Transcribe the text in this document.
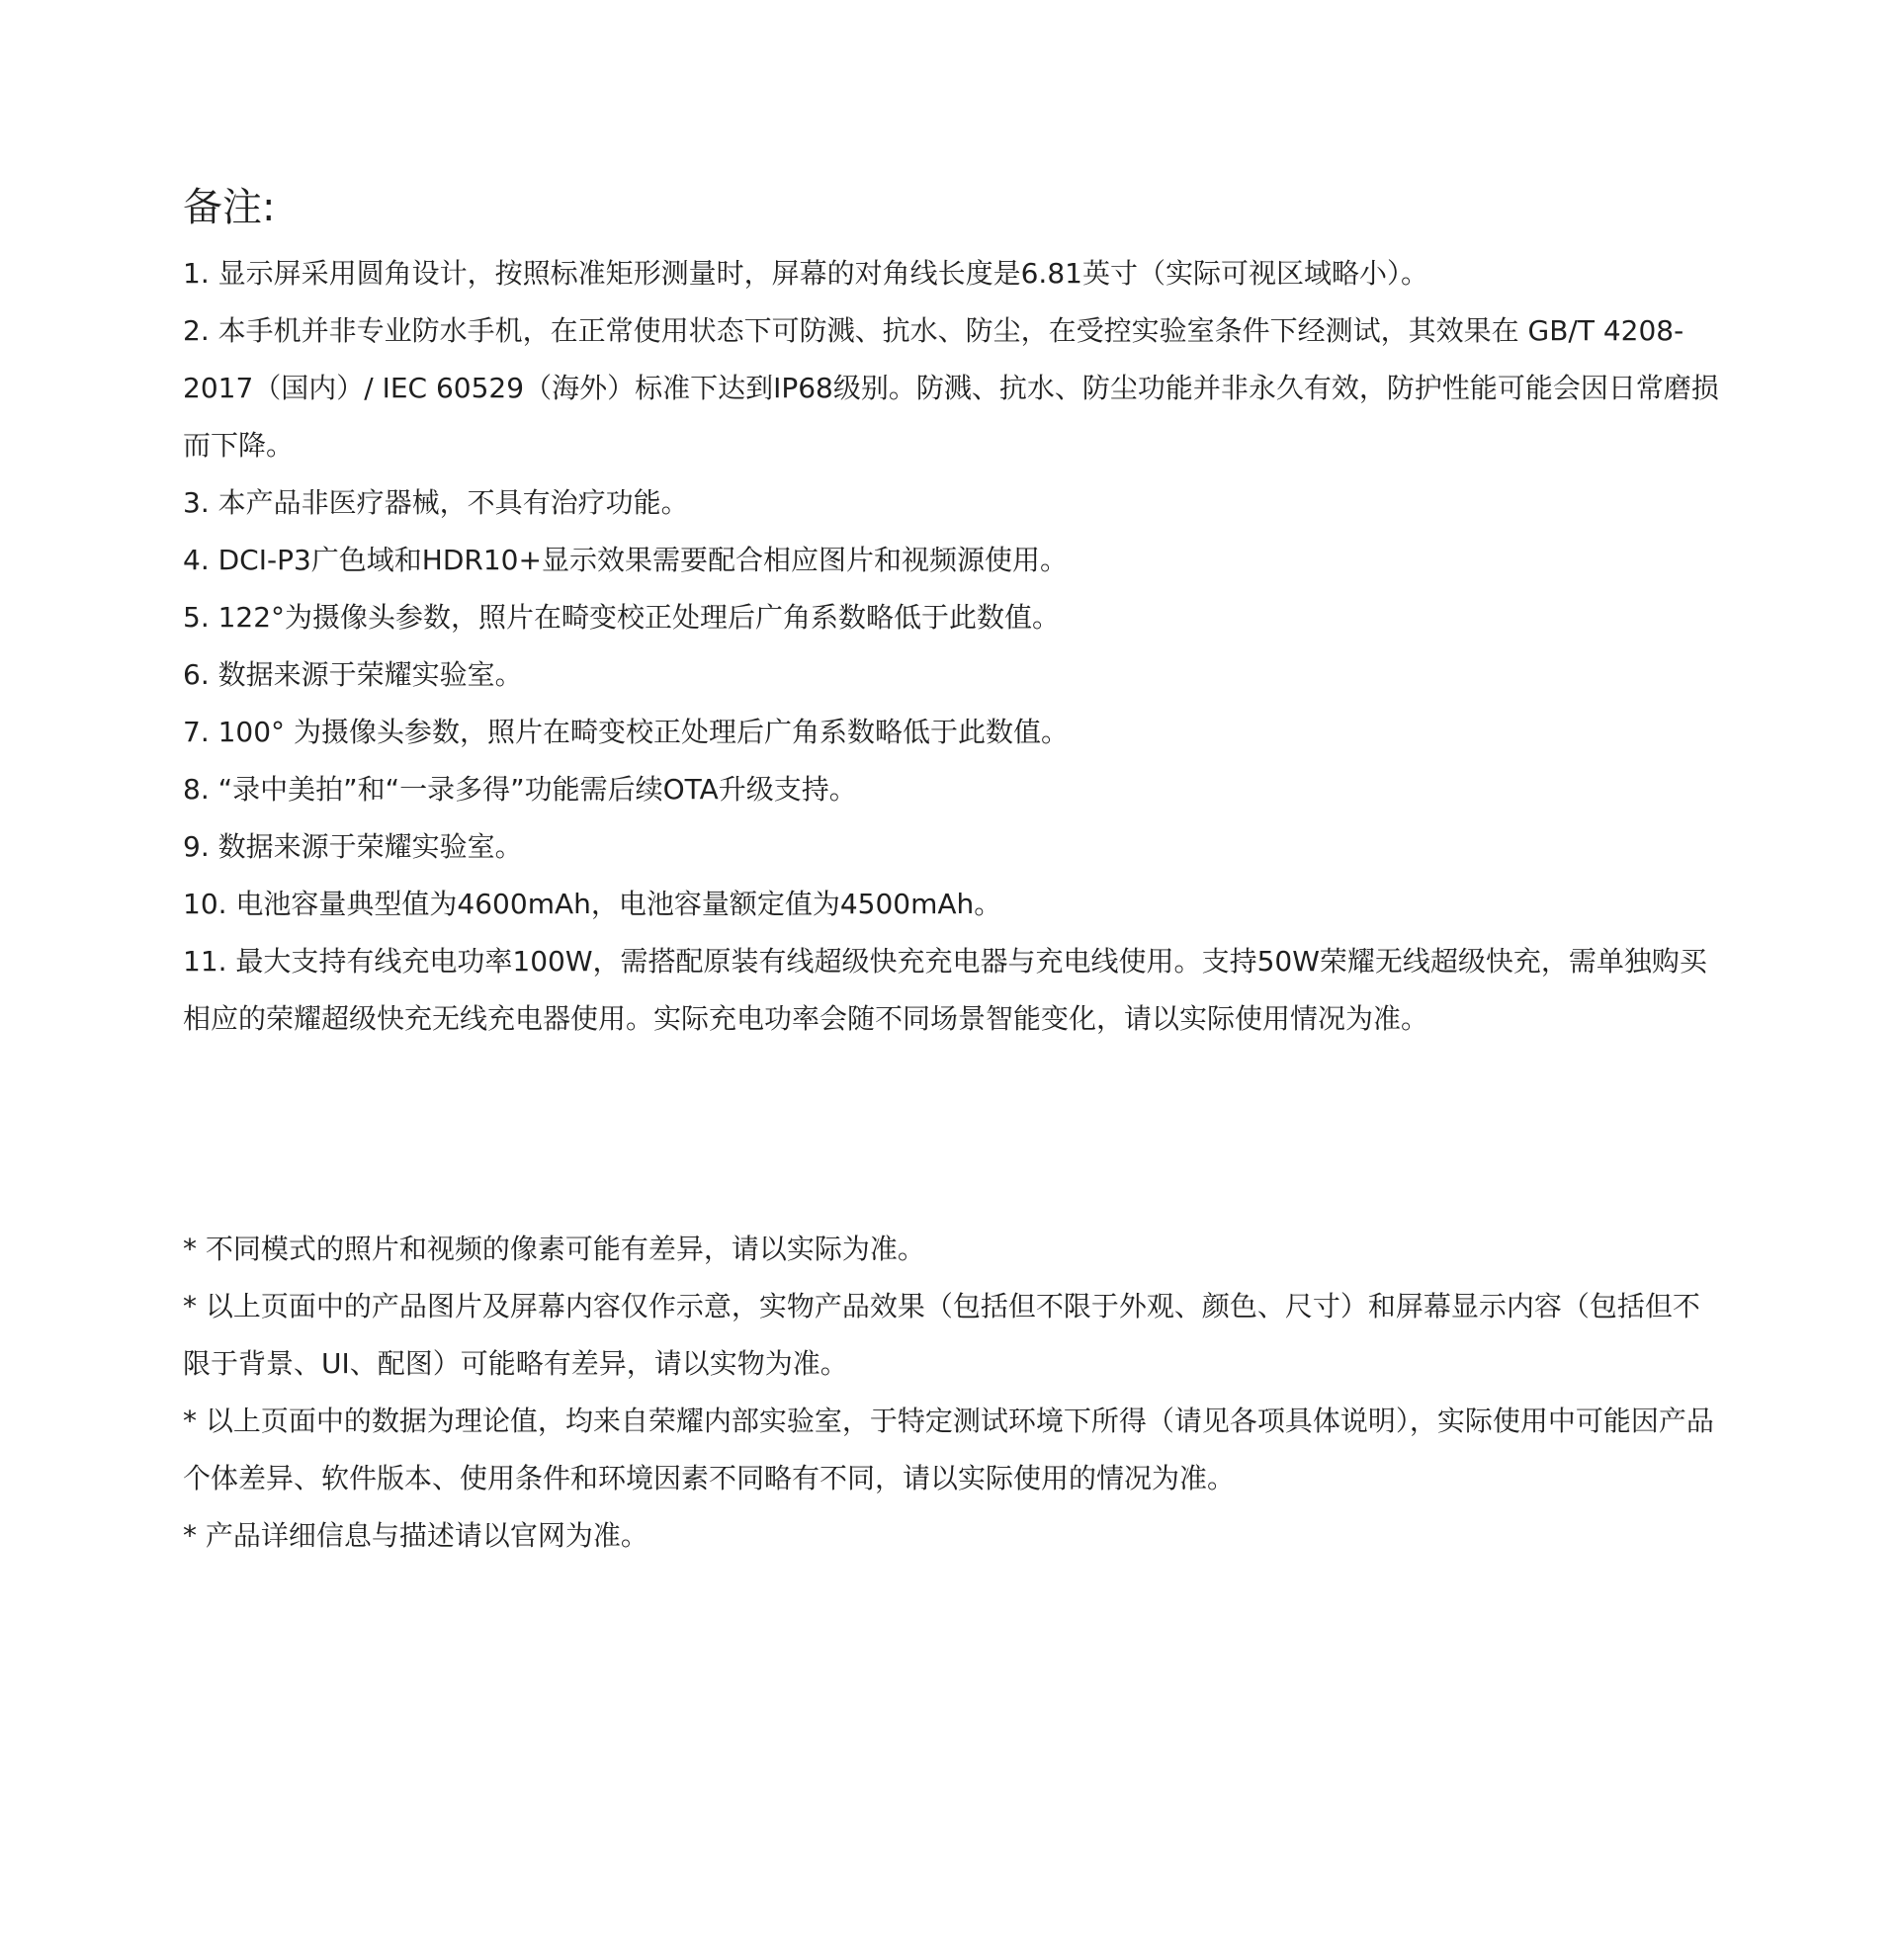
备注:
1. 显示屏采用圆角设计，按照标准矩形测量时，屏幕的对角线长度是6.81英寸（实际可视区域略小）。
2. 本手机并非专业防水手机，在正常使用状态下可防溅、抗水、防尘，在受控实验室条件下经测试，其效果在 GB/T 4208-2017（国内）/ IEC 60529（海外）标准下达到IP68级别。防溅、抗水、防尘功能并非永久有效，防护性能可能会因日常磨损而下降。
3. 本产品非医疗器械，不具有治疗功能。
4. DCI-P3广色域和HDR10+显示效果需要配合相应图片和视频源使用。
5. 122°为摄像头参数，照片在畸变校正处理后广角系数略低于此数值。
6. 数据来源于荣耀实验室。
7. 100° 为摄像头参数，照片在畸变校正处理后广角系数略低于此数值。
8. “录中美拍”和“一录多得”功能需后续OTA升级支持。
9. 数据来源于荣耀实验室。
10. 电池容量典型值为4600mAh，电池容量额定值为4500mAh。
11. 最大支持有线充电功率100W，需搭配原装有线超级快充充电器与充电线使用。支持50W荣耀无线超级快充，需单独购买相应的荣耀超级快充无线充电器使用。实际充电功率会随不同场景智能变化，请以实际使用情况为准。

* 不同模式的照片和视频的像素可能有差异，请以实际为准。

* 以上页面中的产品图片及屏幕内容仅作示意，实物产品效果（包括但不限于外观、颜色、尺寸）和屏幕显示内容（包括但不限于背景、UI、配图）可能略有差异，请以实物为准。

* 以上页面中的数据为理论值，均来自荣耀内部实验室，于特定测试环境下所得（请见各项具体说明），实际使用中可能因产品个体差异、软件版本、使用条件和环境因素不同略有不同，请以实际使用的情况为准。

* 产品详细信息与描述请以官网为准。
